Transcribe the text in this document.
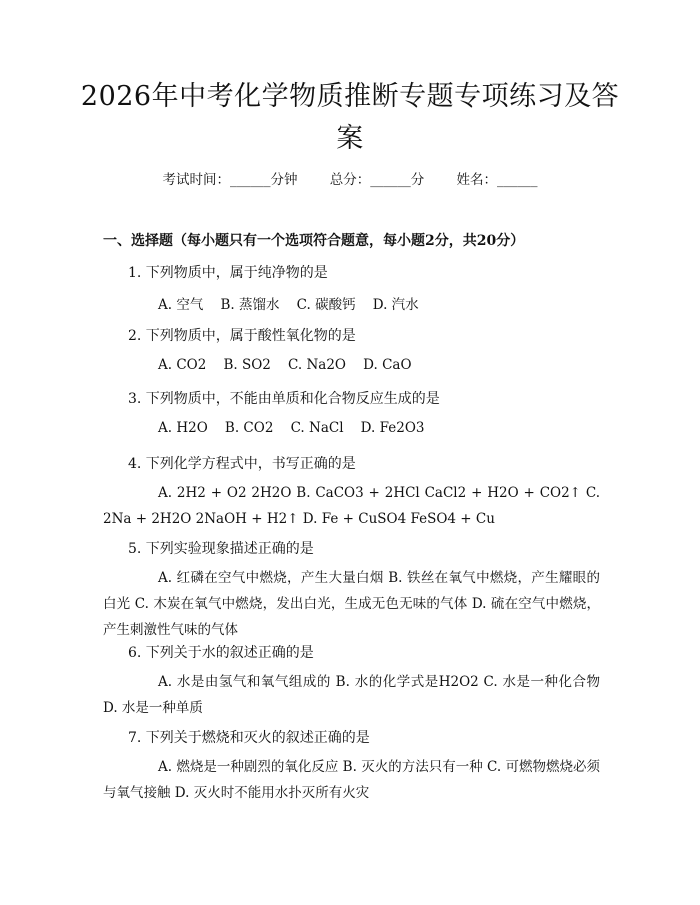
2026年中考化学物质推断专题专项练习及答案
考试时间：______分钟 总分：______分 姓名：______
一、选择题（每小题只有一个选项符合题意，每小题2分，共20分）
1. 下列物质中，属于纯净物的是
A. 空气    B. 蒸馏水    C. 碳酸钙    D. 汽水
2. 下列物质中，属于酸性氧化物的是
A. CO2    B. SO2    C. Na2O    D. CaO
3. 下列物质中，不能由单质和化合物反应生成的是
A. H2O    B. CO2    C. NaCl    D. Fe2O3
4. 下列化学方程式中，书写正确的是
A. 2H2 + O2 2H2O B. CaCO3 + 2HCl CaCl2 + H2O + CO2↑ C. 2Na + 2H2O 2NaOH + H2↑ D. Fe + CuSO4 FeSO4 + Cu
5. 下列实验现象描述正确的是
A. 红磷在空气中燃烧，产生大量白烟 B. 铁丝在氧气中燃烧，产生耀眼的白光 C. 木炭在氧气中燃烧，发出白光，生成无色无味的气体 D. 硫在空气中燃烧，产生刺激性气味的气体
6. 下列关于水的叙述正确的是
A. 水是由氢气和氧气组成的 B. 水的化学式是H2O2 C. 水是一种化合物 D. 水是一种单质
7. 下列关于燃烧和灭火的叙述正确的是
A. 燃烧是一种剧烈的氧化反应 B. 灭火的方法只有一种 C. 可燃物燃烧必须与氧气接触 D. 灭火时不能用水扑灭所有火灾
